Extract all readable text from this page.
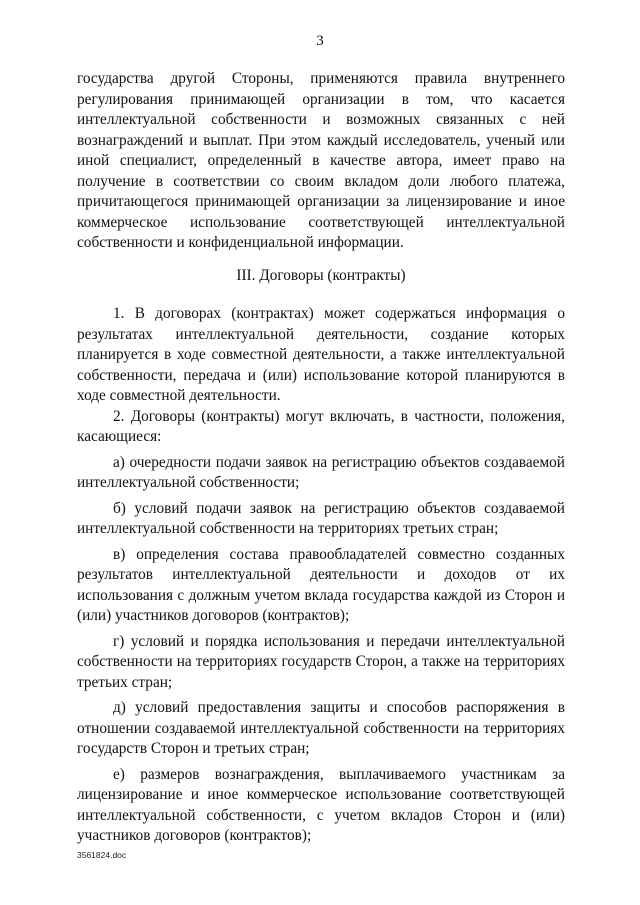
3

государства другой Стороны, применяются правила внутреннего регулирования принимающей организации в том, что касается интеллектуальной собственности и возможных связанных с ней вознаграждений и выплат. При этом каждый исследователь, ученый или иной специалист, определенный в качестве автора, имеет право на получение в соответствии со своим вкладом доли любого платежа, причитающегося принимающей организации за лицензирование и иное коммерческое использование соответствующей интеллектуальной собственности и конфиденциальной информации.

III. Договоры (контракты)

1. В договорах (контрактах) может содержаться информация о результатах интеллектуальной деятельности, создание которых планируется в ходе совместной деятельности, а также интеллектуальной собственности, передача и (или) использование которой планируются в ходе совместной деятельности.

2. Договоры (контракты) могут включать, в частности, положения, касающиеся:

а) очередности подачи заявок на регистрацию объектов создаваемой интеллектуальной собственности;

б) условий подачи заявок на регистрацию объектов создаваемой интеллектуальной собственности на территориях третьих стран;

в) определения состава правообладателей совместно созданных результатов интеллектуальной деятельности и доходов от их использования с должным учетом вклада государства каждой из Сторон и (или) участников договоров (контрактов);

г) условий и порядка использования и передачи интеллектуальной собственности на территориях государств Сторон, а также на территориях третьих стран;

д) условий предоставления защиты и способов распоряжения в отношении создаваемой интеллектуальной собственности на территориях государств Сторон и третьих стран;

е) размеров вознаграждения, выплачиваемого участникам за лицензирование и иное коммерческое использование соответствующей интеллектуальной собственности, с учетом вкладов Сторон и (или) участников договоров (контрактов);

3561824.doc
